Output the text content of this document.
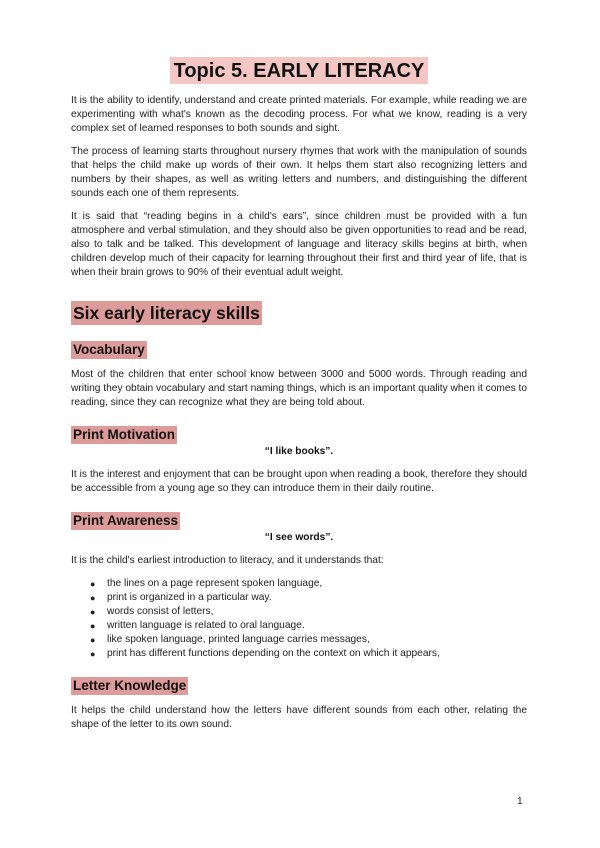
Topic 5. EARLY LITERACY

It is the ability to identify, understand and create printed materials. For example, while reading we are experimenting with what's known as the decoding process. For what we know, reading is a very complex set of learned responses to both sounds and sight.

The process of learning starts throughout nursery rhymes that work with the manipulation of sounds that helps the child make up words of their own. It helps them start also recognizing letters and numbers by their shapes, as well as writing letters and numbers, and distinguishing the different sounds each one of them represents.

It is said that “reading begins in a child's ears”, since children must be provided with a fun atmosphere and verbal stimulation, and they should also be given opportunities to read and be read, also to talk and be talked. This development of language and literacy skills begins at birth, when children develop much of their capacity for learning throughout their first and third year of life, that is when their brain grows to 90% of their eventual adult weight.

Six early literacy skills
Vocabulary

Most of the children that enter school know between 3000 and 5000 words. Through reading and writing they obtain vocabulary and start naming things, which is an important quality when it comes to reading, since they can recognize what they are being told about.

Print Motivation
“I like books”.

It is the interest and enjoyment that can be brought upon when reading a book, therefore they should be accessible from a young age so they can introduce them in their daily routine.

Print Awareness
“I see words”.

It is the child's earliest introduction to literacy, and it understands that:

● the lines on a page represent spoken language,
● print is organized in a particular way.
● words consist of letters,
● written language is related to oral language.
● like spoken language, printed language carries messages,
● print has different functions depending on the context on which it appears,
Letter Knowledge

It helps the child understand how the letters have different sounds from each other, relating the shape of the letter to its own sound.

1
